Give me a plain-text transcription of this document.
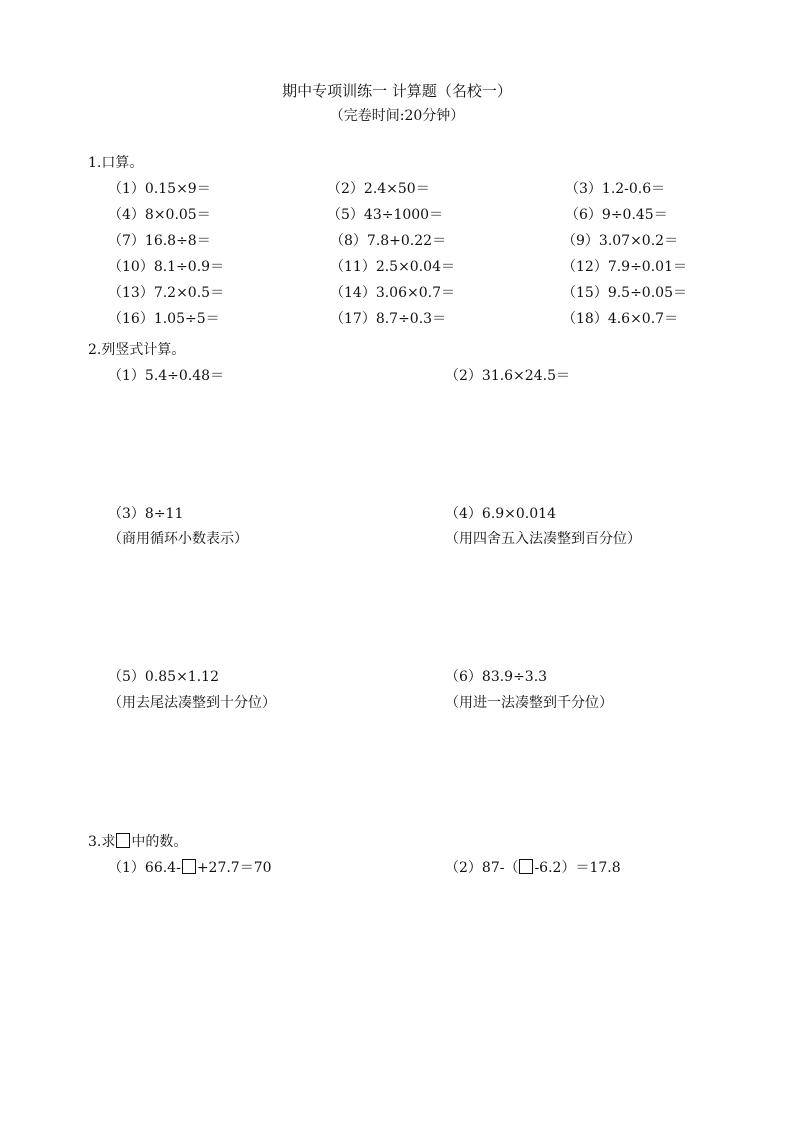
期中专项训练一 计算题（名校一）
（完卷时间:20分钟）
1.口算。
（1）0.15×9＝	（2）2.4×50＝	（3）1.2-0.6＝
（4）8×0.05＝	（5）43÷1000＝	（6）9÷0.45＝
（7）16.8÷8＝	（8）7.8+0.22＝	（9）3.07×0.2＝
（10）8.1÷0.9＝	（11）2.5×0.04＝	（12）7.9÷0.01＝
（13）7.2×0.5＝	（14）3.06×0.7＝	（15）9.5÷0.05＝
（16）1.05÷5＝	（17）8.7÷0.3＝	（18）4.6×0.7＝
2.列竖式计算。
（1）5.4÷0.48＝	（2）31.6×24.5＝
（3）8÷11
（商用循环小数表示）
（4）6.9×0.014
（用四舍五入法凑整到百分位）
（5）0.85×1.12
（用去尾法凑整到十分位）
（6）83.9÷3.3
（用进一法凑整到千分位）
3.求 中的数。
（1）66.4- +27.7＝70	（2）87-（ -6.2）＝17.8
